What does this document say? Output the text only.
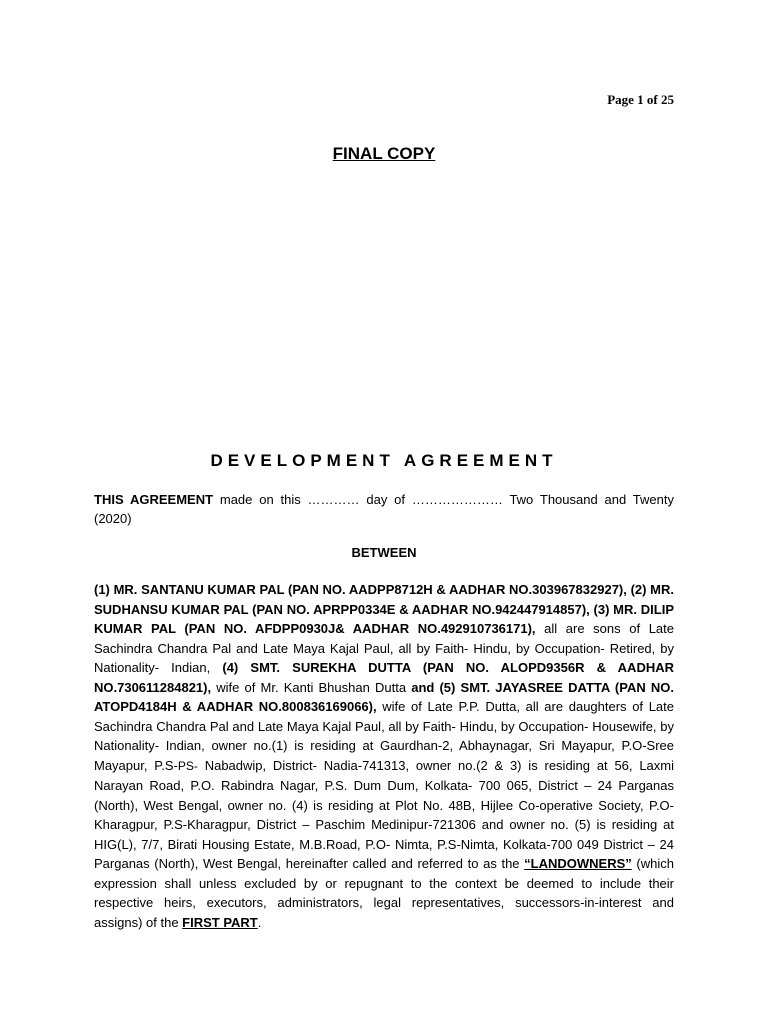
Page 1 of 25
FINAL COPY
DEVELOPMENT AGREEMENT
THIS AGREEMENT made on this ………… day of ………………… Two Thousand and Twenty (2020)
BETWEEN
(1) MR. SANTANU KUMAR PAL (PAN NO. AADPP8712H & AADHAR NO.303967832927), (2) MR. SUDHANSU KUMAR PAL (PAN NO. APRPP0334E & AADHAR NO.942447914857), (3) MR. DILIP KUMAR PAL (PAN NO. AFDPP0930J& AADHAR NO.492910736171), all are sons of Late Sachindra Chandra Pal and Late Maya Kajal Paul, all by Faith- Hindu, by Occupation- Retired, by Nationality- Indian, (4) SMT. SUREKHA DUTTA (PAN NO. ALOPD9356R & AADHAR NO.730611284821), wife of Mr. Kanti Bhushan Dutta and (5) SMT. JAYASREE DATTA (PAN NO. ATOPD4184H & AADHAR NO.800836169066), wife of Late P.P. Dutta, all are daughters of Late Sachindra Chandra Pal and Late Maya Kajal Paul, all by Faith- Hindu, by Occupation- Housewife, by Nationality- Indian, owner no.(1) is residing at Gaurdhan-2, Abhaynagar, Sri Mayapur, P.O-Sree Mayapur, P.S-PS- Nabadwip, District- Nadia-741313, owner no.(2 & 3) is residing at 56, Laxmi Narayan Road, P.O. Rabindra Nagar, P.S. Dum Dum, Kolkata- 700 065, District – 24 Parganas (North), West Bengal, owner no. (4) is residing at Plot No. 48B, Hijlee Co-operative Society, P.O- Kharagpur, P.S-Kharagpur, District – Paschim Medinipur-721306 and owner no. (5) is residing at HIG(L), 7/7, Birati Housing Estate, M.B.Road, P.O- Nimta, P.S-Nimta, Kolkata-700 049 District – 24 Parganas (North), West Bengal, hereinafter called and referred to as the “LANDOWNERS” (which expression shall unless excluded by or repugnant to the context be deemed to include their respective heirs, executors, administrators, legal representatives, successors-in-interest and assigns) of the FIRST PART.
